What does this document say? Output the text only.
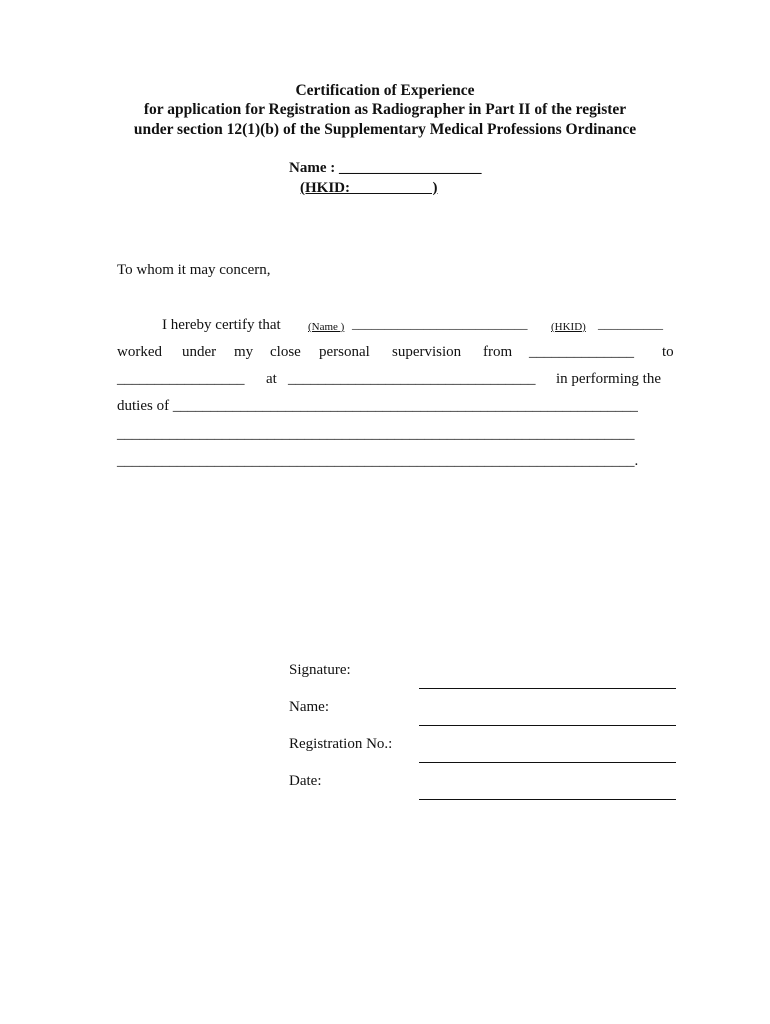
Certification of Experience
for application for Registration as Radiographer in Part II of the register
under section 12(1)(b) of the Supplementary Medical Professions Ordinance
Name : ___________________
(HKID:                      )
To whom it may concern,
I hereby certify that (Name ) ___________________________ (HKID) __________
worked under my close personal supervision from ______________ to
_________________ at _________________________________ in performing the
duties of ______________________________________________________________
_____________________________________________________________________
_____________________________________________________________________.
Signature:
Name:
Registration No.:
Date:
